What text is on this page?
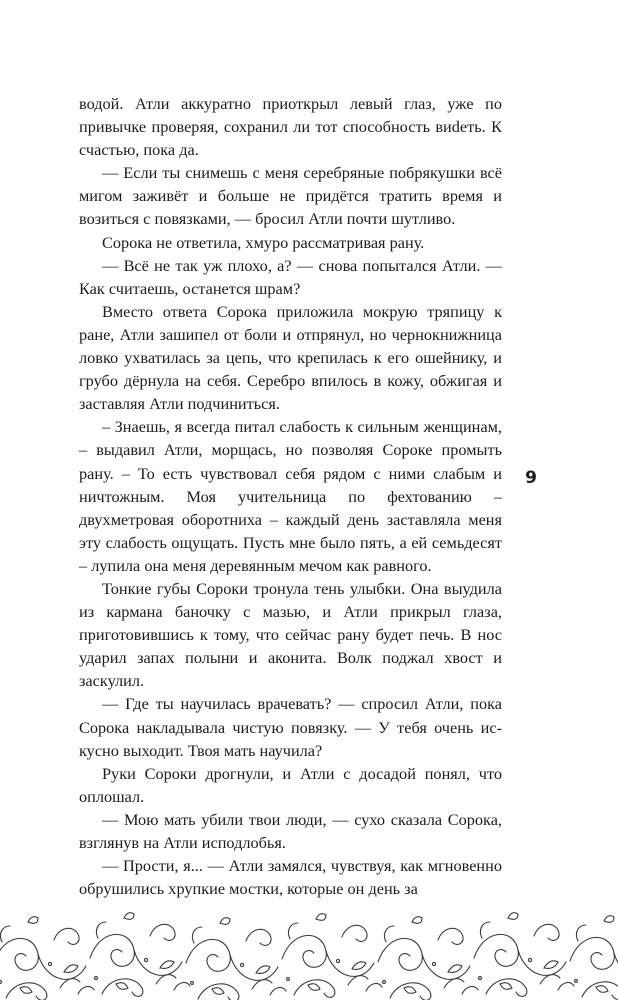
водой. Атли аккуратно приоткрыл левый глаз, уже по привычке проверяя, сохранил ли тот способность виdеть. К счастью, пока да.

— Если ты снимешь с меня серебряные побрякушки всё мигом заживёт и больше не придётся тратить время и возиться с повязками, — бросил Атли почти шутливо.

Сорока не ответила, хмуро рассматривая рану.

— Всё не так уж плохо, а? — снова попытался Атли. — Как считаешь, останется шрам?

Вместо ответа Сорока приложила мокрую тряпицу к ране, Атли зашипел от боли и отпрянул, но чернокнижница ловко ухватилась за цепь, что крепилась к его ошейнику, и грубо дёрнула на себя. Серебро впилось в кожу, обжигая и заставляя Атли подчиниться.

– Знаешь, я всегда питал слабость к сильным женщинам, – выдавил Атли, морщась, но позволяя Сороке промыть рану. – То есть чувствовал себя рядом с ними слабым и ничтожным. Моя учительница по фехтованию – двухметровая оборотниха – каждый день заставляла меня эту слабость ощущать. Пусть мне было пять, а ей семьдесят – лупила она меня деревянным мечом как равного.

Тонкие губы Сороки тронула тень улыбки. Она выудила из кармана баночку с мазью, и Атли прикрыл глаза, приготовившись к тому, что сейчас рану будет печь. В нос ударил запах полыни и аконита. Волк поджал хвост и заскулил.

— Где ты научилась врачевать? — спросил Атли, пока Сорока накладывала чистую повязку. — У тебя очень искусно выходит. Твоя мать научила?

Руки Сороки дрогнули, и Атли с досадой понял, что оплошал.

— Мою мать убили твои люди, — сухо сказала Сорока, взглянув на Атли исподлобья.

— Прости, я... — Атли замялся, чувствуя, как мгновенно обрушились хрупкие мостки, которые он день за

9
